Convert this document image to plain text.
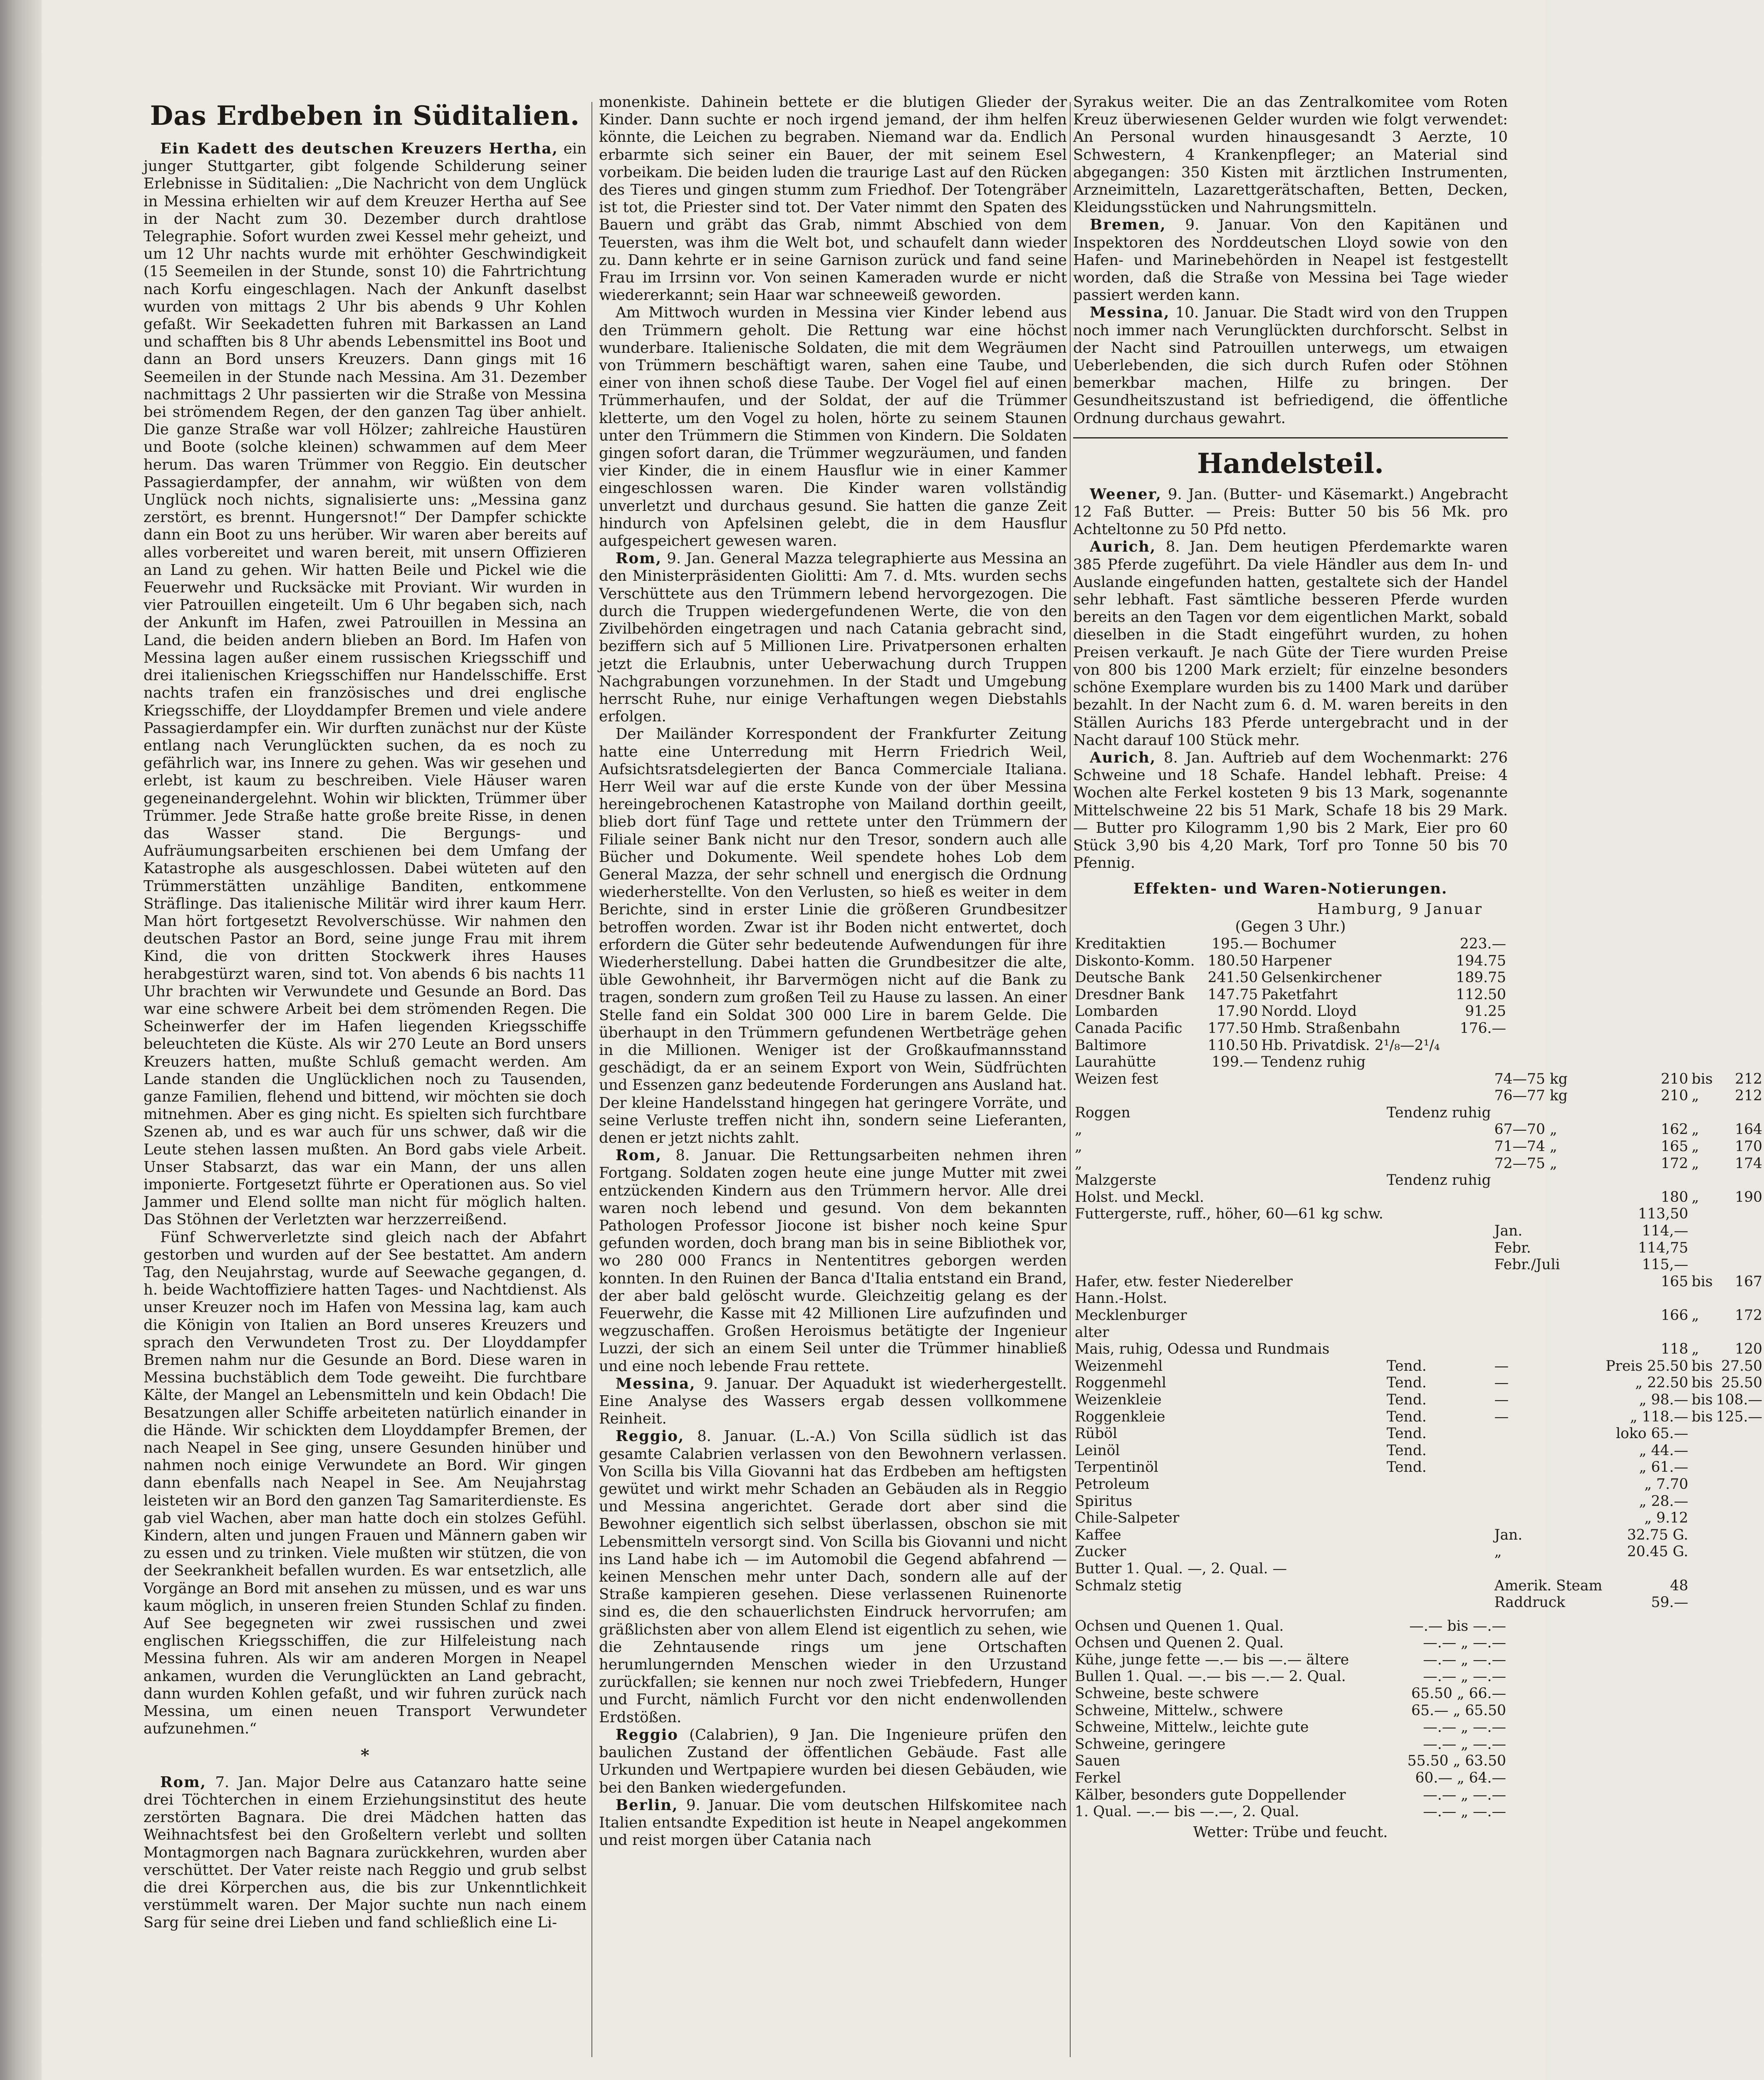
Das Erdbeben in Süditalien.

Ein Kadett des deutschen Kreuzers Hertha, ein junger Stuttgarter, gibt folgende Schilderung seiner Erlebnisse in Süditalien: „Die Nachricht von dem Unglück in Messina erhielten wir auf dem Kreuzer Hertha auf See in der Nacht zum 30. Dezember durch drahtlose Telegraphie. Sofort wurden zwei Kessel mehr geheizt, und um 12 Uhr nachts wurde mit erhöhter Geschwindigkeit (15 Seemeilen in der Stunde, sonst 10) die Fahrtrichtung nach Korfu eingeschlagen. Nach der Ankunft daselbst wurden von mittags 2 Uhr bis abends 9 Uhr Kohlen gefaßt. Wir Seekadetten fuhren mit Barkassen an Land und schafften bis 8 Uhr abends Lebensmittel ins Boot und dann an Bord unsers Kreuzers. Dann gings mit 16 Seemeilen in der Stunde nach Messina. Am 31. Dezember nachmittags 2 Uhr passierten wir die Straße von Messina bei strömendem Regen, der den ganzen Tag über anhielt. Die ganze Straße war voll Hölzer; zahlreiche Haustüren und Boote (solche kleinen) schwammen auf dem Meer herum. Das waren Trümmer von Reggio. Ein deutscher Passagierdampfer, der annahm, wir wüßten von dem Unglück noch nichts, signalisierte uns: „Messina ganz zerstört, es brennt. Hungersnot!“ Der Dampfer schickte dann ein Boot zu uns herüber. Wir waren aber bereits auf alles vorbereitet und waren bereit, mit unsern Offizieren an Land zu gehen. Wir hatten Beile und Pickel wie die Feuerwehr und Rucksäcke mit Proviant. Wir wurden in vier Patrouillen eingeteilt. Um 6 Uhr begaben sich, nach der Ankunft im Hafen, zwei Patrouillen in Messina an Land, die beiden andern blieben an Bord. Im Hafen von Messina lagen außer einem russischen Kriegsschiff und drei italienischen Kriegsschiffen nur Handelsschiffe. Erst nachts trafen ein französisches und drei englische Kriegsschiffe, der Lloyddampfer Bremen und viele andere Passagierdampfer ein. Wir durften zunächst nur der Küste entlang nach Verunglückten suchen, da es noch zu gefährlich war, ins Innere zu gehen. Was wir gesehen und erlebt, ist kaum zu beschreiben. Viele Häuser waren gegeneinandergelehnt. Wohin wir blickten, Trümmer über Trümmer. Jede Straße hatte große breite Risse, in denen das Wasser stand. Die Bergungs- und Aufräumungsarbeiten erschienen bei dem Umfang der Katastrophe als ausgeschlossen. Dabei wüteten auf den Trümmerstätten unzählige Banditen, entkommene Sträflinge. Das italienische Militär wird ihrer kaum Herr. Man hört fortgesetzt Revolverschüsse. Wir nahmen den deutschen Pastor an Bord, seine junge Frau mit ihrem Kind, die von dritten Stockwerk ihres Hauses herabgestürzt waren, sind tot. Von abends 6 bis nachts 11 Uhr brachten wir Verwundete und Gesunde an Bord. Das war eine schwere Arbeit bei dem strömenden Regen. Die Scheinwerfer der im Hafen liegenden Kriegsschiffe beleuchteten die Küste. Als wir 270 Leute an Bord unsers Kreuzers hatten, mußte Schluß gemacht werden. Am Lande standen die Unglücklichen noch zu Tausenden, ganze Familien, flehend und bittend, wir möchten sie doch mitnehmen. Aber es ging nicht. Es spielten sich furchtbare Szenen ab, und es war auch für uns schwer, daß wir die Leute stehen lassen mußten. An Bord gabs viele Arbeit. Unser Stabsarzt, das war ein Mann, der uns allen imponierte. Fortgesetzt führte er Operationen aus. So viel Jammer und Elend sollte man nicht für möglich halten. Das Stöhnen der Verletzten war herzzerreißend.

Fünf Schwerverletzte sind gleich nach der Abfahrt gestorben und wurden auf der See bestattet. Am andern Tag, den Neujahrstag, wurde auf Seewache gegangen, d. h. beide Wachtoffiziere hatten Tages- und Nachtdienst. Als unser Kreuzer noch im Hafen von Messina lag, kam auch die Königin von Italien an Bord unseres Kreuzers und sprach den Verwundeten Trost zu. Der Lloyddampfer Bremen nahm nur die Gesunde an Bord. Diese waren in Messina buchstäblich dem Tode geweiht. Die furchtbare Kälte, der Mangel an Lebensmitteln und kein Obdach! Die Besatzungen aller Schiffe arbeiteten natürlich einander in die Hände. Wir schickten dem Lloyddampfer Bremen, der nach Neapel in See ging, unsere Gesunden hinüber und nahmen noch einige Verwundete an Bord. Wir gingen dann ebenfalls nach Neapel in See. Am Neujahrstag leisteten wir an Bord den ganzen Tag Samariterdienste. Es gab viel Wachen, aber man hatte doch ein stolzes Gefühl. Kindern, alten und jungen Frauen und Männern gaben wir zu essen und zu trinken. Viele mußten wir stützen, die von der Seekrankheit befallen wurden. Es war entsetzlich, alle Vorgänge an Bord mit ansehen zu müssen, und es war uns kaum möglich, in unseren freien Stunden Schlaf zu finden. Auf See begegneten wir zwei russischen und zwei englischen Kriegsschiffen, die zur Hilfeleistung nach Messina fuhren. Als wir am anderen Morgen in Neapel ankamen, wurden die Verunglückten an Land gebracht, dann wurden Kohlen gefaßt, und wir fuhren zurück nach Messina, um einen neuen Transport Verwundeter aufzunehmen.“

*

Rom, 7. Jan. Major Delre aus Catanzaro hatte seine drei Töchterchen in einem Erziehungsinstitut des heute zerstörten Bagnara. Die drei Mädchen hatten das Weihnachtsfest bei den Großeltern verlebt und sollten Montagmorgen nach Bagnara zurückkehren, wurden aber verschüttet. Der Vater reiste nach Reggio und grub selbst die drei Körperchen aus, die bis zur Unkenntlichkeit verstümmelt waren. Der Major suchte nun nach einem Sarg für seine drei Lieben und fand schließlich eine Li-

monenkiste. Dahinein bettete er die blutigen Glieder der Kinder. Dann suchte er noch irgend jemand, der ihm helfen könnte, die Leichen zu begraben. Niemand war da. Endlich erbarmte sich seiner ein Bauer, der mit seinem Esel vorbeikam. Die beiden luden die traurige Last auf den Rücken des Tieres und gingen stumm zum Friedhof. Der Totengräber ist tot, die Priester sind tot. Der Vater nimmt den Spaten des Bauern und gräbt das Grab, nimmt Abschied von dem Teuersten, was ihm die Welt bot, und schaufelt dann wieder zu. Dann kehrte er in seine Garnison zurück und fand seine Frau im Irrsinn vor. Von seinen Kameraden wurde er nicht wiedererkannt; sein Haar war schneeweiß geworden.

Am Mittwoch wurden in Messina vier Kinder lebend aus den Trümmern geholt. Die Rettung war eine höchst wunderbare. Italienische Soldaten, die mit dem Wegräumen von Trümmern beschäftigt waren, sahen eine Taube, und einer von ihnen schoß diese Taube. Der Vogel fiel auf einen Trümmerhaufen, und der Soldat, der auf die Trümmer kletterte, um den Vogel zu holen, hörte zu seinem Staunen unter den Trümmern die Stimmen von Kindern. Die Soldaten gingen sofort daran, die Trümmer wegzuräumen, und fanden vier Kinder, die in einem Hausflur wie in einer Kammer eingeschlossen waren. Die Kinder waren vollständig unverletzt und durchaus gesund. Sie hatten die ganze Zeit hindurch von Apfelsinen gelebt, die in dem Hausflur aufgespeichert gewesen waren.

Rom, 9. Jan. General Mazza telegraphierte aus Messina an den Ministerpräsidenten Giolitti: Am 7. d. Mts. wurden sechs Verschüttete aus den Trümmern lebend hervorgezogen. Die durch die Truppen wiedergefundenen Werte, die von den Zivilbehörden eingetragen und nach Catania gebracht sind, beziffern sich auf 5 Millionen Lire. Privatpersonen erhalten jetzt die Erlaubnis, unter Ueberwachung durch Truppen Nachgrabungen vorzunehmen. In der Stadt und Umgebung herrscht Ruhe, nur einige Verhaftungen wegen Diebstahls erfolgen.

Der Mailänder Korrespondent der Frankfurter Zeitung hatte eine Unterredung mit Herrn Friedrich Weil, Aufsichtsratsdelegierten der Banca Commerciale Italiana. Herr Weil war auf die erste Kunde von der über Messina hereingebrochenen Katastrophe von Mailand dorthin geeilt, blieb dort fünf Tage und rettete unter den Trümmern der Filiale seiner Bank nicht nur den Tresor, sondern auch alle Bücher und Dokumente. Weil spendete hohes Lob dem General Mazza, der sehr schnell und energisch die Ordnung wiederherstellte. Von den Verlusten, so hieß es weiter in dem Berichte, sind in erster Linie die größeren Grundbesitzer betroffen worden. Zwar ist ihr Boden nicht entwertet, doch erfordern die Güter sehr bedeutende Aufwendungen für ihre Wiederherstellung. Dabei hatten die Grundbesitzer die alte, üble Gewohnheit, ihr Barvermögen nicht auf die Bank zu tragen, sondern zum großen Teil zu Hause zu lassen. An einer Stelle fand ein Soldat 300 000 Lire in barem Gelde. Die überhaupt in den Trümmern gefundenen Wertbeträge gehen in die Millionen. Weniger ist der Großkaufmannsstand geschädigt, da er an seinem Export von Wein, Südfrüchten und Essenzen ganz bedeutende Forderungen ans Ausland hat. Der kleine Handelsstand hingegen hat geringere Vorräte, und seine Verluste treffen nicht ihn, sondern seine Lieferanten, denen er jetzt nichts zahlt.

Rom, 8. Januar. Die Rettungsarbeiten nehmen ihren Fortgang. Soldaten zogen heute eine junge Mutter mit zwei entzückenden Kindern aus den Trümmern hervor. Alle drei waren noch lebend und gesund. Von dem bekannten Pathologen Professor Jiocone ist bisher noch keine Spur gefunden worden, doch brang man bis in seine Bibliothek vor, wo 280 000 Francs in Nententitres geborgen werden konnten. In den Ruinen der Banca d'Italia entstand ein Brand, der aber bald gelöscht wurde. Gleichzeitig gelang es der Feuerwehr, die Kasse mit 42 Millionen Lire aufzufinden und wegzuschaffen. Großen Heroismus betätigte der Ingenieur Luzzi, der sich an einem Seil unter die Trümmer hinabließ und eine noch lebende Frau rettete.

Messina, 9. Januar. Der Aquadukt ist wiederhergestellt. Eine Analyse des Wassers ergab dessen vollkommene Reinheit.

Reggio, 8. Januar. (L.-A.) Von Scilla südlich ist das gesamte Calabrien verlassen von den Bewohnern verlassen. Von Scilla bis Villa Giovanni hat das Erdbeben am heftigsten gewütet und wirkt mehr Schaden an Gebäuden als in Reggio und Messina angerichtet. Gerade dort aber sind die Bewohner eigentlich sich selbst überlassen, obschon sie mit Lebensmitteln versorgt sind. Von Scilla bis Giovanni und nicht ins Land habe ich — im Automobil die Gegend abfahrend — keinen Menschen mehr unter Dach, sondern alle auf der Straße kampieren gesehen. Diese verlassenen Ruinenorte sind es, die den schauerlichsten Eindruck hervorrufen; am gräßlichsten aber von allem Elend ist eigentlich zu sehen, wie die Zehntausende rings um jene Ortschaften herumlungernden Menschen wieder in den Urzustand zurückfallen; sie kennen nur noch zwei Triebfedern, Hunger und Furcht, nämlich Furcht vor den nicht endenwollenden Erdstößen.

Reggio (Calabrien), 9 Jan. Die Ingenieure prüfen den baulichen Zustand der öffentlichen Gebäude. Fast alle Urkunden und Wertpapiere wurden bei diesen Gebäuden, wie bei den Banken wiedergefunden.

Berlin, 9. Januar. Die vom deutschen Hilfskomitee nach Italien entsandte Expedition ist heute in Neapel angekommen und reist morgen über Catania nach

Syrakus weiter. Die an das Zentralkomitee vom Roten Kreuz überwiesenen Gelder wurden wie folgt verwendet: An Personal wurden hinausgesandt 3 Aerzte, 10 Schwestern, 4 Krankenpfleger; an Material sind abgegangen: 350 Kisten mit ärztlichen Instrumenten, Arzneimitteln, Lazarettgerätschaften, Betten, Decken, Kleidungsstücken und Nahrungsmitteln.

Bremen, 9. Januar. Von den Kapitänen und Inspektoren des Norddeutschen Lloyd sowie von den Hafen- und Marinebehörden in Neapel ist festgestellt worden, daß die Straße von Messina bei Tage wieder passiert werden kann.

Messina, 10. Januar. Die Stadt wird von den Truppen noch immer nach Verunglückten durchforscht. Selbst in der Nacht sind Patrouillen unterwegs, um etwaigen Ueberlebenden, die sich durch Rufen oder Stöhnen bemerkbar machen, Hilfe zu bringen. Der Gesundheitszustand ist befriedigend, die öffentliche Ordnung durchaus gewahrt.

Handelsteil.

Weener, 9. Jan. (Butter- und Käsemarkt.) Angebracht 12 Faß Butter. — Preis: Butter 50 bis 56 Mk. pro Achteltonne zu 50 Pfd netto.

Aurich, 8. Jan. Dem heutigen Pferdemarkte waren 385 Pferde zugeführt. Da viele Händler aus dem In- und Auslande eingefunden hatten, gestaltete sich der Handel sehr lebhaft. Fast sämtliche besseren Pferde wurden bereits an den Tagen vor dem eigentlichen Markt, sobald dieselben in die Stadt eingeführt wurden, zu hohen Preisen verkauft. Je nach Güte der Tiere wurden Preise von 800 bis 1200 Mark erzielt; für einzelne besonders schöne Exemplare wurden bis zu 1400 Mark und darüber bezahlt. In der Nacht zum 6. d. M. waren bereits in den Ställen Aurichs 183 Pferde untergebracht und in der Nacht darauf 100 Stück mehr.

Aurich, 8. Jan. Auftrieb auf dem Wochenmarkt: 276 Schweine und 18 Schafe. Handel lebhaft. Preise: 4 Wochen alte Ferkel kosteten 9 bis 13 Mark, sogenannte Mittelschweine 22 bis 51 Mark, Schafe 18 bis 29 Mark. — Butter pro Kilogramm 1,90 bis 2 Mark, Eier pro 60 Stück 3,90 bis 4,20 Mark, Torf pro Tonne 50 bis 70 Pfennig.

Effekten- und Waren-Notierungen.
Hamburg, 9 Januar
(Gegen 3 Uhr.)
Kreditaktien	195.—	Bochumer	223.—
Diskonto-Komm.	180.50	Harpener	194.75
Deutsche Bank	241.50	Gelsenkirchener	189.75
Dresdner Bank	147.75	Paketfahrt	112.50
Lombarden	17.90	Nordd. Lloyd	91.25
Canada Pacific	177.50	Hmb. Straßenbahn	176.—
Baltimore	110.50	Hb. Privatdisk. 2¹/₈—2¹/₄	
Laurahütte	199.—	Tendenz ruhig	
Weizen fest		74—75 kg	210	bis	212
		76—77 kg	210	„	212
Roggen	Tendenz ruhig				
„		67—70 „	162	„	164
„		71—74 „	165	„	170
„		72—75 „	172	„	174
Malzgerste	Tendenz ruhig				
Holst. und Meckl.			180	„	190
Futtergerste, ruff., höher, 60—61 kg schw.			113,50		
		Jan.	114,—		
		Febr.	114,75		
		Febr./Juli	115,—		
Hafer, etw. fester Niederelber			165	bis	167
Hann.-Holst.					
Mecklenburger			166	„	172
alter					
Mais, ruhig, Odessa und Rundmais			118	„	120
Weizenmehl	Tend.	—	Preis 25.50	bis	27.50
Roggenmehl	Tend.	—	„ 22.50	bis	25.50
Weizenkleie	Tend.	—	„ 98.—	bis	108.—
Roggenkleie	Tend.	—	„ 118.—	bis	125.—
Rüböl	Tend.		loko 65.—		
Leinöl	Tend.		„ 44.—		
Terpentinöl	Tend.		„ 61.—		
Petroleum			„ 7.70		
Spiritus			„ 28.—		
Chile-Salpeter			„ 9.12		
Kaffee		Jan.	32.75 G.		
Zucker		„	20.45 G.		
Butter 1. Qual. —, 2. Qual. —					
Schmalz stetig		Amerik. Steam	48		
		Raddruck	59.—		
Ochsen und Quenen 1. Qual.	—.— bis —.—
Ochsen und Quenen 2. Qual.	—.— „ —.—
Kühe, junge fette —.— bis —.— ältere	—.— „ —.—
Bullen 1. Qual. —.— bis —.— 2. Qual.	—.— „ —.—
Schweine, beste schwere	65.50 „ 66.—
Schweine, Mittelw., schwere	65.— „ 65.50
Schweine, Mittelw., leichte gute	—.— „ —.—
Schweine, geringere	—.— „ —.—
Sauen	55.50 „ 63.50
Ferkel	60.— „ 64.—
Kälber, besonders gute Doppellender	—.— „ —.—
1. Qual. —.— bis —.—, 2. Qual.	—.— „ —.—
Wetter: Trübe und feucht.
